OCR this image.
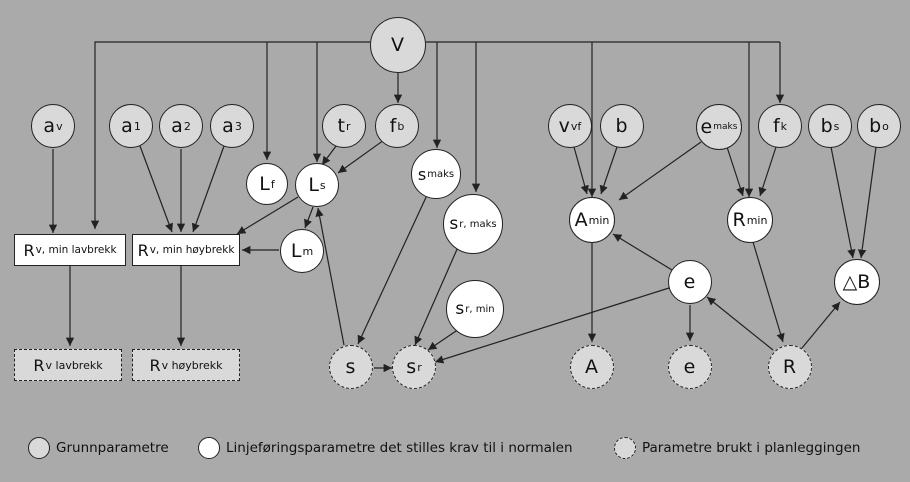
V
a v	a 1 a 2 a 3	t r f b
L f L s
L m
s maks
s r, maks
s r, min
v vf b	e maks f k b s b o
A min	R min
e	△B
s	s r	A	e	R
R v, min lavbrekk R v, min høybrekk
R v lavbrekk	R v høybrekk
Grunnparametre	Linjeføringsparametre det stilles krav til i normalen	Parametre brukt i planleggingen
